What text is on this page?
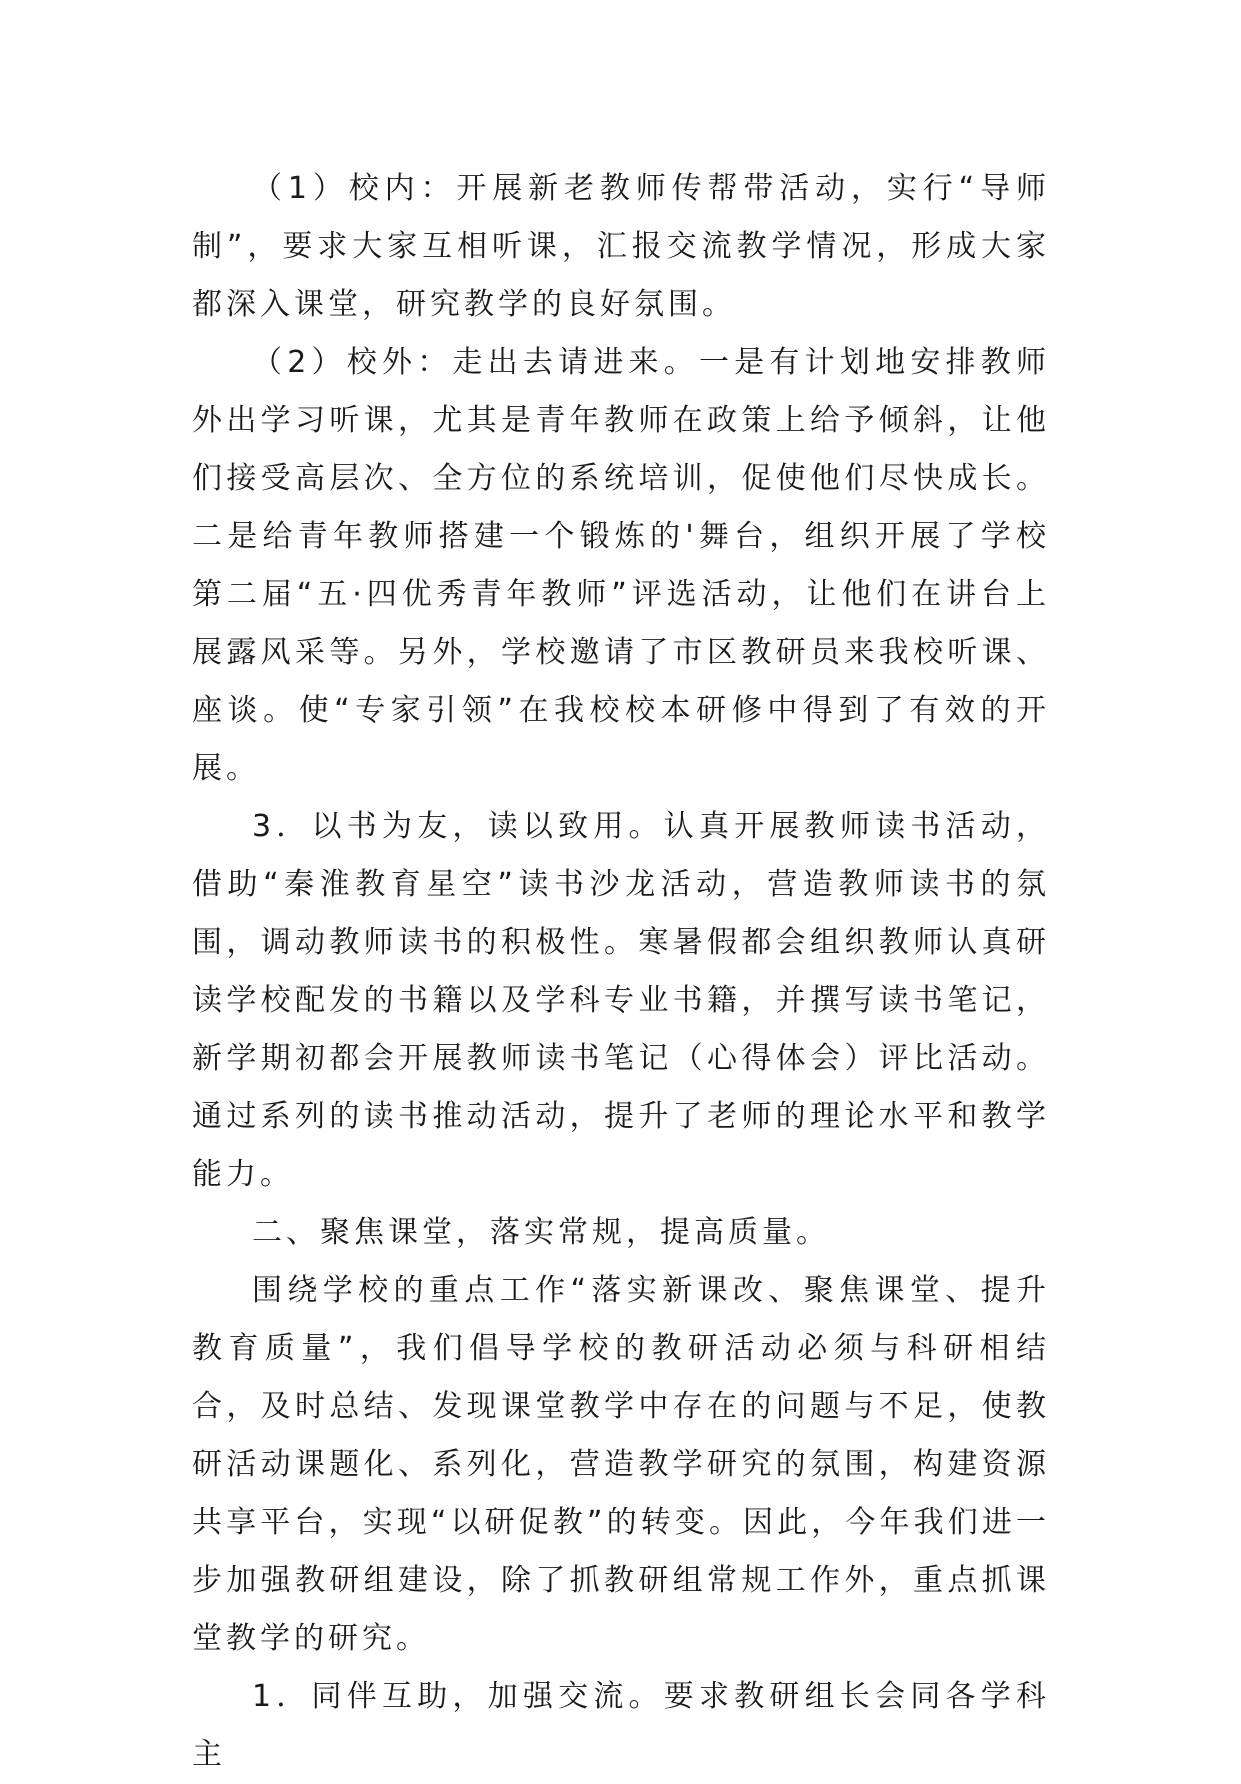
（1）校内：开展新老教师传帮带活动，实行“导师制”，要求大家互相听课，汇报交流教学情况，形成大家都深入课堂，研究教学的良好氛围。

（2）校外：走出去请进来。一是有计划地安排教师外出学习听课，尤其是青年教师在政策上给予倾斜，让他们接受高层次、全方位的系统培训，促使他们尽快成长。二是给青年教师搭建一个锻炼的'舞台，组织开展了学校第二届“五·四优秀青年教师”评选活动，让他们在讲台上展露风采等。另外，学校邀请了市区教研员来我校听课、座谈。使“专家引领”在我校校本研修中得到了有效的开展。

3．以书为友，读以致用。认真开展教师读书活动，借助“秦淮教育星空”读书沙龙活动，营造教师读书的氛围，调动教师读书的积极性。寒暑假都会组织教师认真研读学校配发的书籍以及学科专业书籍，并撰写读书笔记，新学期初都会开展教师读书笔记（心得体会）评比活动。通过系列的读书推动活动，提升了老师的理论水平和教学能力。

二、聚焦课堂，落实常规，提高质量。

围绕学校的重点工作“落实新课改、聚焦课堂、提升教育质量”，我们倡导学校的教研活动必须与科研相结合，及时总结、发现课堂教学中存在的问题与不足，使教研活动课题化、系列化，营造教学研究的氛围，构建资源共享平台，实现“以研促教”的转变。因此，今年我们进一步加强教研组建设，除了抓教研组常规工作外，重点抓课堂教学的研究。

1．同伴互助，加强交流。要求教研组长会同各学科主
